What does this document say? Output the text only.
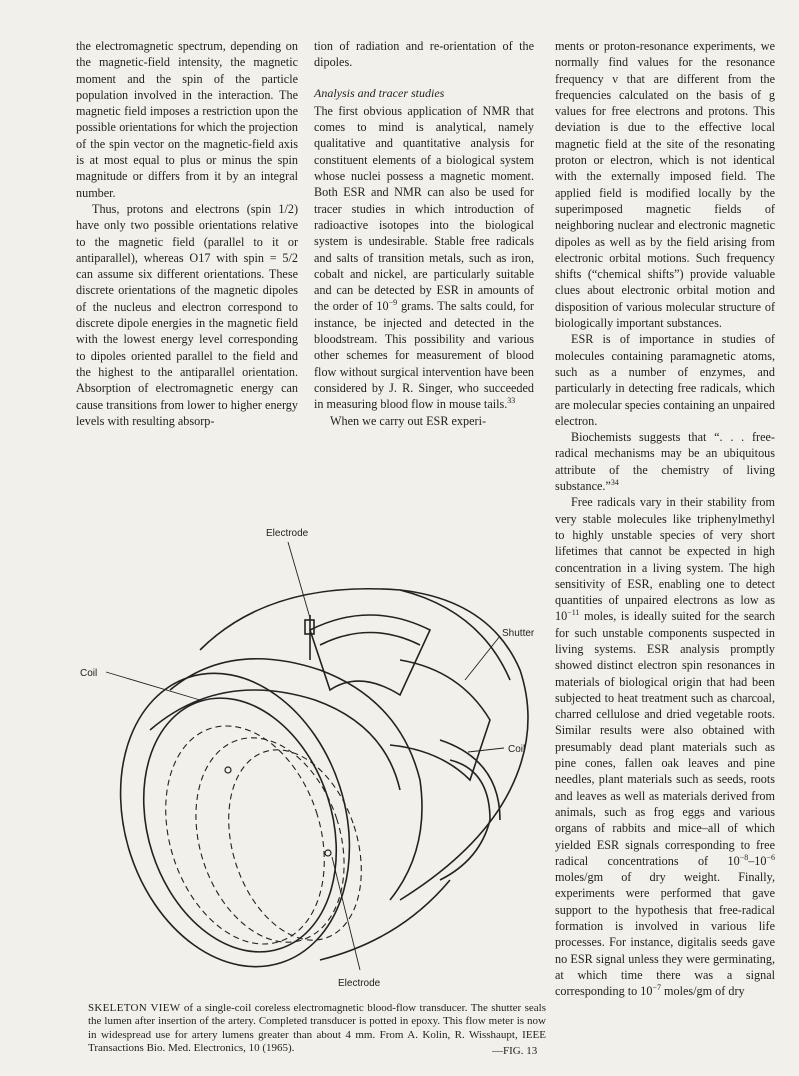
the electromagnetic spectrum, depending on the magnetic-field intensity, the magnetic moment and the spin of the particle population involved in the interaction. The magnetic field imposes a restriction upon the possible orientations for which the projection of the spin vector on the magnetic-field axis is at most equal to plus or minus the spin magnitude or differs from it by an integral number.

Thus, protons and electrons (spin 1/2) have only two possible orientations relative to the magnetic field (parallel to it or antiparallel), whereas O17 with spin = 5/2 can assume six different orientations. These discrete orientations of the magnetic dipoles of the nucleus and electron correspond to discrete dipole energies in the magnetic field with the lowest energy level corresponding to dipoles oriented parallel to the field and the highest to the antiparallel orientation. Absorption of electromagnetic energy can cause transitions from lower to higher energy levels with resulting absorp-

tion of radiation and re-orientation of the dipoles.

Analysis and tracer studies

The first obvious application of NMR that comes to mind is analytical, namely qualitative and quantitative analysis for constituent elements of a biological system whose nuclei possess a magnetic moment. Both ESR and NMR can also be used for tracer studies in which introduction of radioactive isotopes into the biological system is undesirable. Stable free radicals and salts of transition metals, such as iron, cobalt and nickel, are particularly suitable and can be detected by ESR in amounts of the order of $10^{-9}$ grams. The salts could, for instance, be injected and detected in the bloodstream. This possibility and various other schemes for measurement of blood flow without surgical intervention have been considered by J. R. Singer, who succeeded in measuring blood flow in mouse tails.$^{33}$

When we carry out ESR experi-

ments or proton-resonance experiments, we normally find values for the resonance frequency ν that are different from the frequencies calculated on the basis of g values for free electrons and protons. This deviation is due to the effective local magnetic field at the site of the resonating proton or electron, which is not identical with the externally imposed field. The applied field is modified locally by the superimposed magnetic fields of neighboring nuclear and electronic magnetic dipoles as well as by the field arising from electronic orbital motions. Such frequency shifts (“chemical shifts”) provide valuable clues about electronic orbital motion and disposition of various molecular structure of biologically important substances.

ESR is of importance in studies of molecules containing paramagnetic atoms, such as a number of enzymes, and particularly in detecting free radicals, which are molecular species containing an unpaired electron.

Biochemists suggests that “. . . free-radical mechanisms may be an ubiquitous attribute of the chemistry of living substance.”$^{34}$

Free radicals vary in their stability from very stable molecules like triphenylmethyl to highly unstable species of very short lifetimes that cannot be expected in high concentration in a living system. The high sensitivity of ESR, enabling one to detect quantities of unpaired electrons as low as $10^{-11}$ moles, is ideally suited for the search for such unstable components suspected in living systems. ESR analysis promptly showed distinct electron spin resonances in materials of biological origin that had been subjected to heat treatment such as charcoal, charred cellulose and dried vegetable roots. Similar results were also obtained with presumably dead plant materials such as pine cones, fallen oak leaves and pine needles, plant materials such as seeds, roots and leaves as well as materials derived from animals, such as frog eggs and various organs of rabbits and mice–all of which yielded ESR signals corresponding to free radical concentrations of $10^{-8}-10^{-6}$ moles/gm of dry weight. Finally, experiments were performed that gave support to the hypothesis that free-radical formation is involved in various life processes. For instance, digitalis seeds gave no ESR signal unless they were germinating, at which time there was a signal corresponding to $10^{-7}$ moles/gm of dry

Electrode
Shutter
Coil
Coil
Electrode
SKELETON VIEW of a single-coil coreless electromagnetic blood-flow transducer. The shutter seals the lumen after insertion of the artery. Completed transducer is potted in epoxy. This flow meter is now in widespread use for artery lumens greater than about 4 mm. From A. Kolin, R. Wisshaupt, IEEE Transactions Bio. Med. Electronics, 10 (1965).	—FIG. 13
